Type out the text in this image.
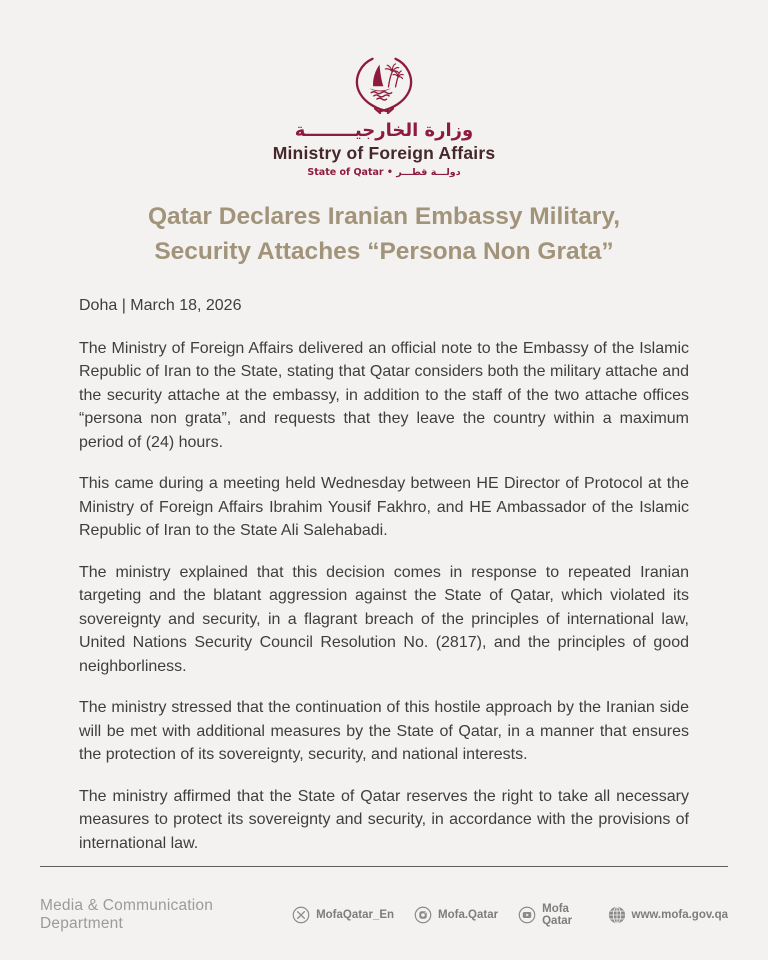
وزارة الخارجيــــــــة
Ministry of Foreign Affairs
State of Qatar • دولـــة قطـــر
Qatar Declares Iranian Embassy Military,
Security Attaches “Persona Non Grata”

Doha | March 18, 2026

The Ministry of Foreign Affairs delivered an official note to the Embassy of the Islamic Republic of Iran to the State, stating that Qatar considers both the military attache and the security attache at the embassy, in addition to the staff of the two attache offices “persona non grata”, and requests that they leave the country within a maximum period of (24) hours.

This came during a meeting held Wednesday between HE Director of Protocol at the Ministry of Foreign Affairs Ibrahim Yousif Fakhro, and HE Ambassador of the Islamic Republic of Iran to the State Ali Salehabadi.

The ministry explained that this decision comes in response to repeated Iranian targeting and the blatant aggression against the State of Qatar, which violated its sovereignty and security, in a flagrant breach of the principles of international law, United Nations Security Council Resolution No. (2817), and the principles of good neighborliness.

The ministry stressed that the continuation of this hostile approach by the Iranian side will be met with additional measures by the State of Qatar, in a manner that ensures the protection of its sovereignty, security, and national interests.

The ministry affirmed that the State of Qatar reserves the right to take all necessary measures to protect its sovereignty and security, in accordance with the provisions of international law.

Media & Communication Department	MofaQatar_En	Mofa.Qatar	Mofa Qatar	www.mofa.gov.qa
